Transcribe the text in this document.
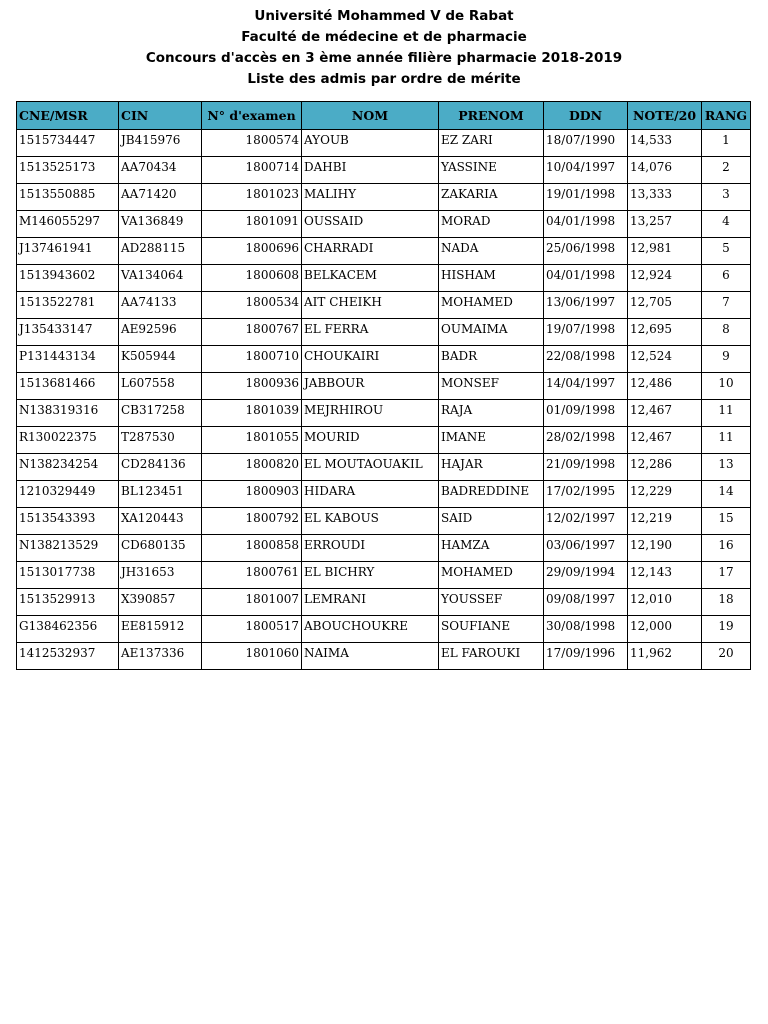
Université Mohammed V de Rabat
Faculté de médecine et de pharmacie
Concours d'accès en 3 ème année filière pharmacie 2018-2019
Liste des admis par ordre de mérite
CNE/MSR	CIN	N° d'examen	NOM	PRENOM	DDN	NOTE/20	RANG
1515734447	JB415976	1800574	AYOUB	EZ ZARI	18/07/1990	14,533	1
1513525173	AA70434	1800714	DAHBI	YASSINE	10/04/1997	14,076	2
1513550885	AA71420	1801023	MALIHY	ZAKARIA	19/01/1998	13,333	3
M146055297	VA136849	1801091	OUSSAID	MORAD	04/01/1998	13,257	4
J137461941	AD288115	1800696	CHARRADI	NADA	25/06/1998	12,981	5
1513943602	VA134064	1800608	BELKACEM	HISHAM	04/01/1998	12,924	6
1513522781	AA74133	1800534	AIT CHEIKH	MOHAMED	13/06/1997	12,705	7
J135433147	AE92596	1800767	EL FERRA	OUMAIMA	19/07/1998	12,695	8
P131443134	K505944	1800710	CHOUKAIRI	BADR	22/08/1998	12,524	9
1513681466	L607558	1800936	JABBOUR	MONSEF	14/04/1997	12,486	10
N138319316	CB317258	1801039	MEJRHIROU	RAJA	01/09/1998	12,467	11
R130022375	T287530	1801055	MOURID	IMANE	28/02/1998	12,467	11
N138234254	CD284136	1800820	EL MOUTAOUAKIL	HAJAR	21/09/1998	12,286	13
1210329449	BL123451	1800903	HIDARA	BADREDDINE	17/02/1995	12,229	14
1513543393	XA120443	1800792	EL KABOUS	SAID	12/02/1997	12,219	15
N138213529	CD680135	1800858	ERROUDI	HAMZA	03/06/1997	12,190	16
1513017738	JH31653	1800761	EL BICHRY	MOHAMED	29/09/1994	12,143	17
1513529913	X390857	1801007	LEMRANI	YOUSSEF	09/08/1997	12,010	18
G138462356	EE815912	1800517	ABOUCHOUKRE	SOUFIANE	30/08/1998	12,000	19
1412532937	AE137336	1801060	NAIMA	EL FAROUKI	17/09/1996	11,962	20
